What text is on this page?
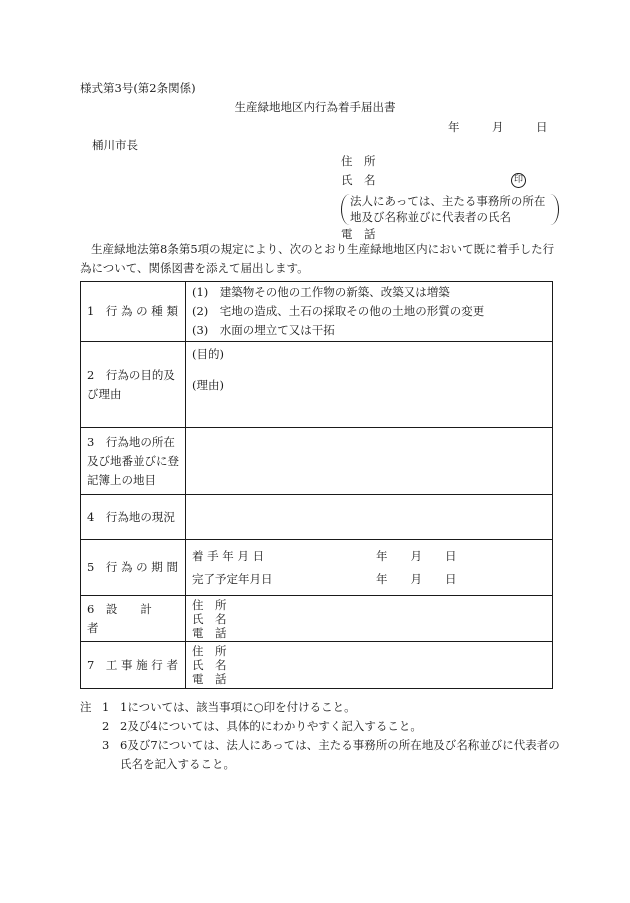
様式第3号(第2条関係)
生産緑地地区内行為着手届出書
年	月	日
桶川市長
住　所
氏　名	印
法人にあっては、主たる事務所の所在地及び名称並びに代表者の氏名
電　話
生産緑地法第8条第5項の規定により、次のとおり生産緑地地区内において既に着手した行為について、関係図書を添えて届出します。
1　行 為 の 種 類	(1)　建築物その他の工作物の新築、改築又は増築
(2)　宅地の造成、土石の採取その他の土地の形質の変更
(3)　水面の埋立て又は干拓

2　行為の目的及び理由	(目的)
(理由)

3　行為地の所在及び地番並びに登記簿上の地目	

4　行為地の現況	

5　行 為 の 期 間	着 手 年 月 日 年　　月　　日
完了予定年月日 年　　月　　日

6　設　　計　　者	住　所
氏　名
電　話

7　工 事 施 行 者	住　所
氏　名
電　話
注 1 1については、該当事項に○印を付けること。
2 2及び4については、具体的にわかりやすく記入すること。
3 6及び7については、法人にあっては、主たる事務所の所在地及び名称並びに代表者の氏名を記入すること。
